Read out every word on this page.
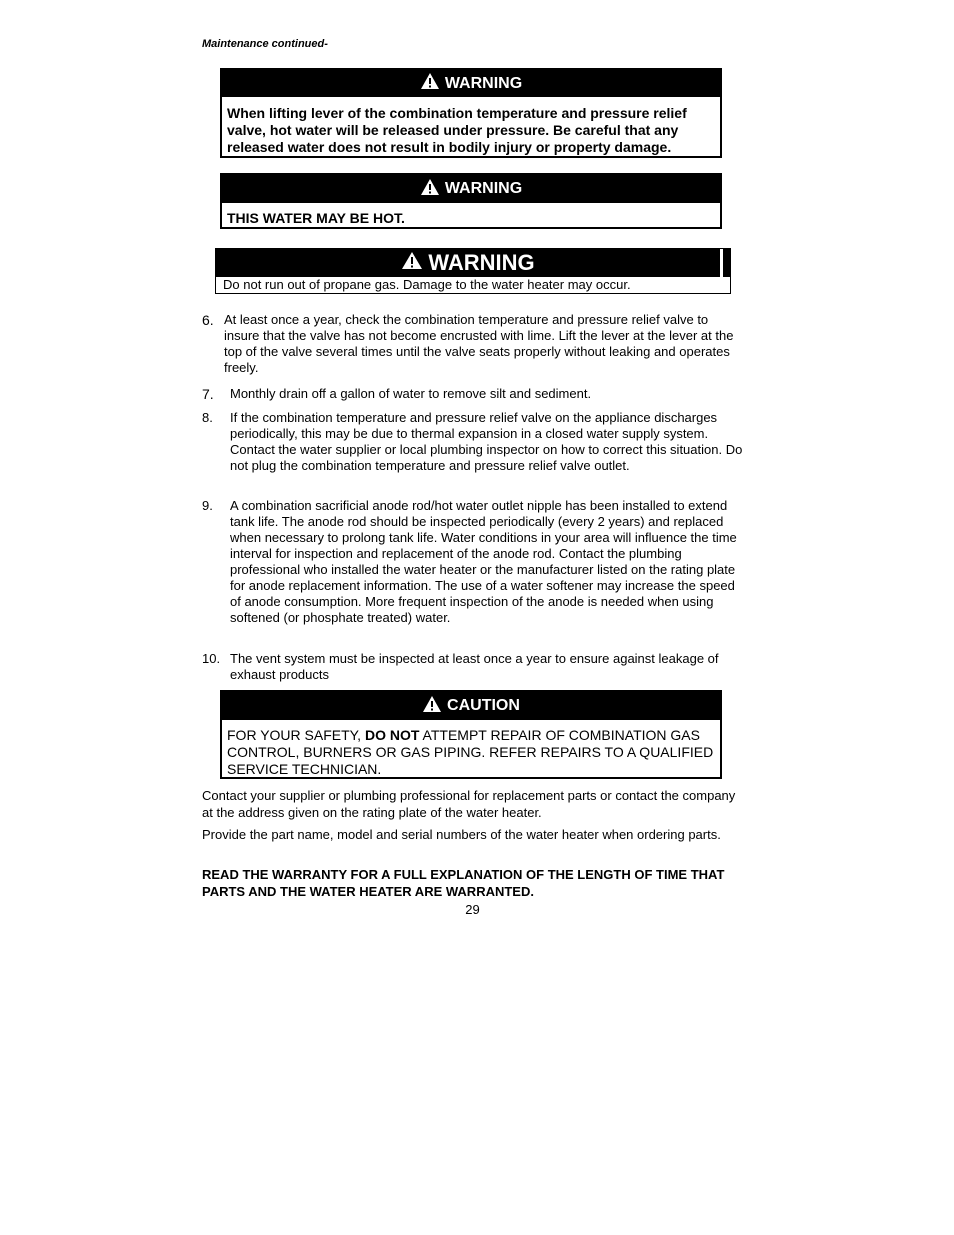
Maintenance continued-
WARNING
When lifting lever of the combination temperature and pressure relief valve, hot water will be released under pressure. Be careful that any released water does not result in bodily injury or property damage.
WARNING
THIS WATER MAY BE HOT.
WARNING
Do not run out of propane gas. Damage to the water heater may occur.
6. At least once a year, check the combination temperature and pressure relief valve to insure that the valve has not become encrusted with lime. Lift the lever at the lever at the top of the valve several times until the valve seats properly without leaking and operates freely.
7. Monthly drain off a gallon of water to remove silt and sediment.
8. If the combination temperature and pressure relief valve on the appliance discharges periodically, this may be due to thermal expansion in a closed water supply system. Contact the water supplier or local plumbing inspector on how to correct this situation. Do not plug the combination temperature and pressure relief valve outlet.
9. A combination sacrificial anode rod/hot water outlet nipple has been installed to extend tank life. The anode rod should be inspected periodically (every 2 years) and replaced when necessary to prolong tank life. Water conditions in your area will influence the time interval for inspection and replacement of the anode rod. Contact the plumbing professional who installed the water heater or the manufacturer listed on the rating plate for anode replacement information. The use of a water softener may increase the speed of anode consumption. More frequent inspection of the anode is needed when using softened (or phosphate treated) water.
10. The vent system must be inspected at least once a year to ensure against leakage of exhaust products
CAUTION
FOR YOUR SAFETY, DO NOT ATTEMPT REPAIR OF COMBINATION GAS CONTROL, BURNERS OR GAS PIPING. REFER REPAIRS TO A QUALIFIED SERVICE TECHNICIAN.
Contact your supplier or plumbing professional for replacement parts or contact the company at the address given on the rating plate of the water heater.
Provide the part name, model and serial numbers of the water heater when ordering parts.
READ THE WARRANTY FOR A FULL EXPLANATION OF THE LENGTH OF TIME THAT PARTS AND THE WATER HEATER ARE WARRANTED.
29
